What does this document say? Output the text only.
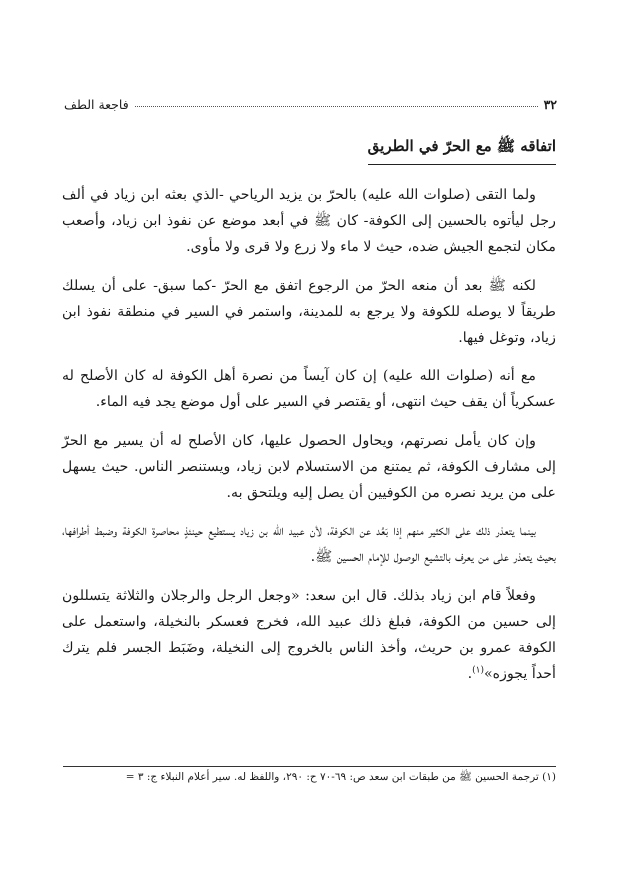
٣٢
فاجعة الطف
اتفاقه ﷺ مع الحرّ في الطريق

ولما التقى (صلوات الله عليه) بالحرّ بن يزيد الرياحي -الذي بعثه ابن زياد في ألف رجل ليأتوه بالحسين إلى الكوفة- كان ﷺ في أبعد موضع عن نفوذ ابن زياد، وأصعب مكان لتجمع الجيش ضده، حيث لا ماء ولا زرع ولا قرى ولا مأوى.

لكنه ﷺ بعد أن منعه الحرّ من الرجوع اتفق مع الحرّ -كما سبق- على أن يسلك طريقاً لا يوصله للكوفة ولا يرجع به للمدينة، واستمر في السير في منطقة نفوذ ابن زياد، وتوغل فيها.

مع أنه (صلوات الله عليه) إن كان آيساً من نصرة أهل الكوفة له كان الأصلح له عسكرياً أن يقف حيث انتهى، أو يقتصر في السير على أول موضع يجد فيه الماء.

وإن كان يأمل نصرتهم، ويحاول الحصول عليها، كان الأصلح له أن يسير مع الحرّ إلى مشارف الكوفة، ثم يمتنع من الاستسلام لابن زياد، ويستنصر الناس. حيث يسهل على من يريد نصره من الكوفيين أن يصل إليه ويلتحق به.

بينما يتعذر ذلك على الكثير منهم إذا بَعُد عن الكوفة، لأن عبيد الله بن زياد يستطيع حينئذٍ محاصرة الكوفة وضبط أطرافها، بحيث يتعذر على من يعرف بالتشيع الوصول للإمام الحسين ﷺ.

وفعلاً قام ابن زياد بذلك. قال ابن سعد: «وجعل الرجل والرجلان والثلاثة يتسللون إلى حسين من الكوفة، فبلغ ذلك عبيد الله، فخرج فعسكر بالنخيلة، واستعمل على الكوفة عمرو بن حريث، وأخذ الناس بالخروج إلى النخيلة، وضَبَط الجسر فلم يترك أحداً يجوزه»$^{(١)}$.

(١) ترجمة الحسين ﷺ من طبقات ابن سعد ص: ٦٩-٧٠ ح: ٢٩٠، واللفظ له. سير أعلام النبلاء ج: ٣ =
